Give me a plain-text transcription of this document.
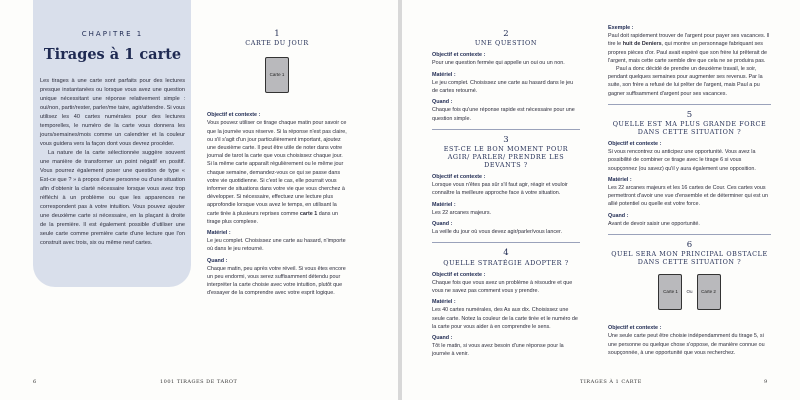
CHAPITRE 1
Tirages à 1 carte

Les tirages à une carte sont parfaits pour des lectures presque instantanées ou lorsque vous avez une question unique nécessitant une réponse relativement simple : oui/non, partir/rester, parler/me taire, agir/attendre. Si vous utilisez les 40 cartes numérales pour des lectures temporelles, le numéro de la carte vous donnera les jours/semaines/mois comme un calendrier et la couleur vous guidera vers la façon dont vous devrez procéder.

La nature de la carte sélectionnée suggère souvent une manière de transformer un point négatif en positif. Vous pourrez également poser une question de type « Est-ce que ? » à propos d'une personne ou d'une situation afin d'obtenir la clarté nécessaire lorsque vous avez trop réfléchi à un problème ou que les apparences ne correspondent pas à votre intuition. Vous pouvez ajouter une deuxième carte si nécessaire, en la plaçant à droite de la première. Il est également possible d'utiliser une seule carte comme première carte d'une lecture que l'on construit avec trois, six ou même neuf cartes.

1
CARTE DU JOUR
Carte 1
Objectif et contexte :

Vous pouvez utiliser ce tirage chaque matin pour savoir ce que la journée vous réserve. Si la réponse n'est pas claire, ou s'il s'agit d'un jour particulièrement important, ajoutez une deuxième carte. Il peut être utile de noter dans votre journal de tarot la carte que vous choisissez chaque jour. Si la même carte apparaît régulièrement ou le même jour chaque semaine, demandez-vous ce qui se passe dans votre vie quotidienne. Si c'est le cas, elle pourrait vous informer de situations dans votre vie que vous cherchez à développer. Si nécessaire, effectuez une lecture plus approfondie lorsque vous avez le temps, en utilisant la carte tirée à plusieurs reprises comme carte 1 dans un tirage plus complexe.

Matériel :

Le jeu complet. Choisissez une carte au hasard, n'importe où dans le jeu retourné.

Quand :

Chaque matin, peu après votre réveil. Si vous êtes encore un peu endormi, vous serez suffisamment détendu pour interpréter la carte choisie avec votre intuition, plutôt que d'essayer de la comprendre avec votre esprit logique.

6	1001 TIRAGES DE TAROT
2
UNE QUESTION
Objectif et contexte :

Pour une question fermée qui appelle un oui ou un non.

Matériel :

Le jeu complet. Choisissez une carte au hasard dans le jeu de cartes retourné.

Quand :

Chaque fois qu'une réponse rapide est nécessaire pour une question simple.

3
EST-CE LE BON MOMENT POUR AGIR/ PARLER/ PRENDRE LES DEVANTS ?
Objectif et contexte :

Lorsque vous n'êtes pas sûr s'il faut agir, réagir et vouloir connaître la meilleure approche face à votre situation.

Matériel :

Les 22 arcanes majeurs.

Quand :

La veille du jour où vous devez agir/parler/vous lancer.

4
QUELLE STRATÉGIE ADOPTER ?
Objectif et contexte :

Chaque fois que vous avez un problème à résoudre et que vous ne savez pas comment vous y prendre.

Matériel :

Les 40 cartes numérales, des As aux dix. Choisissez une seule carte. Notez la couleur de la carte tirée et le numéro de la carte pour vous aider à en comprendre le sens.

Quand :

Tôt le matin, si vous avez besoin d'une réponse pour la journée à venir.

Exemple :

Paul doit rapidement trouver de l'argent pour payer ses vacances. Il tire le huit de Deniers, qui montre un personnage fabriquant ses propres pièces d'or. Paul avait espéré que son frère lui prêterait de l'argent, mais cette carte semble dire que cela ne se produira pas.

Paul a donc décidé de prendre un deuxième travail, le soir, pendant quelques semaines pour augmenter ses revenus. Par la suite, son frère a refusé de lui prêter de l'argent, mais Paul a pu gagner suffisamment d'argent pour ses vacances.

5
QUELLE EST MA PLUS GRANDE FORCE DANS CETTE SITUATION ?
Objectif et contexte :

Si vous rencontrez ou anticipez une opportunité. Vous avez la possibilité de combiner ce tirage avec le tirage 6 si vous soupçonnez (ou savez) qu'il y aura également une opposition.

Matériel :

Les 22 arcanes majeurs et les 16 cartes de Cour. Ces cartes vous permettront d'avoir une vue d'ensemble et de déterminer qui est un allié potentiel ou quelle est votre force.

Quand :

Avant de devoir saisir une opportunité.

6
QUEL SERA MON PRINCIPAL OBSTACLE DANS CETTE SITUATION ?
Carte 1	Ou	Carte 2
Objectif et contexte :

Une seule carte peut être choisie indépendamment du tirage 5, si une personne ou quelque chose s'oppose, de manière connue ou soupçonnée, à une opportunité que vous recherchez.

TIRAGES À 1 CARTE	9
